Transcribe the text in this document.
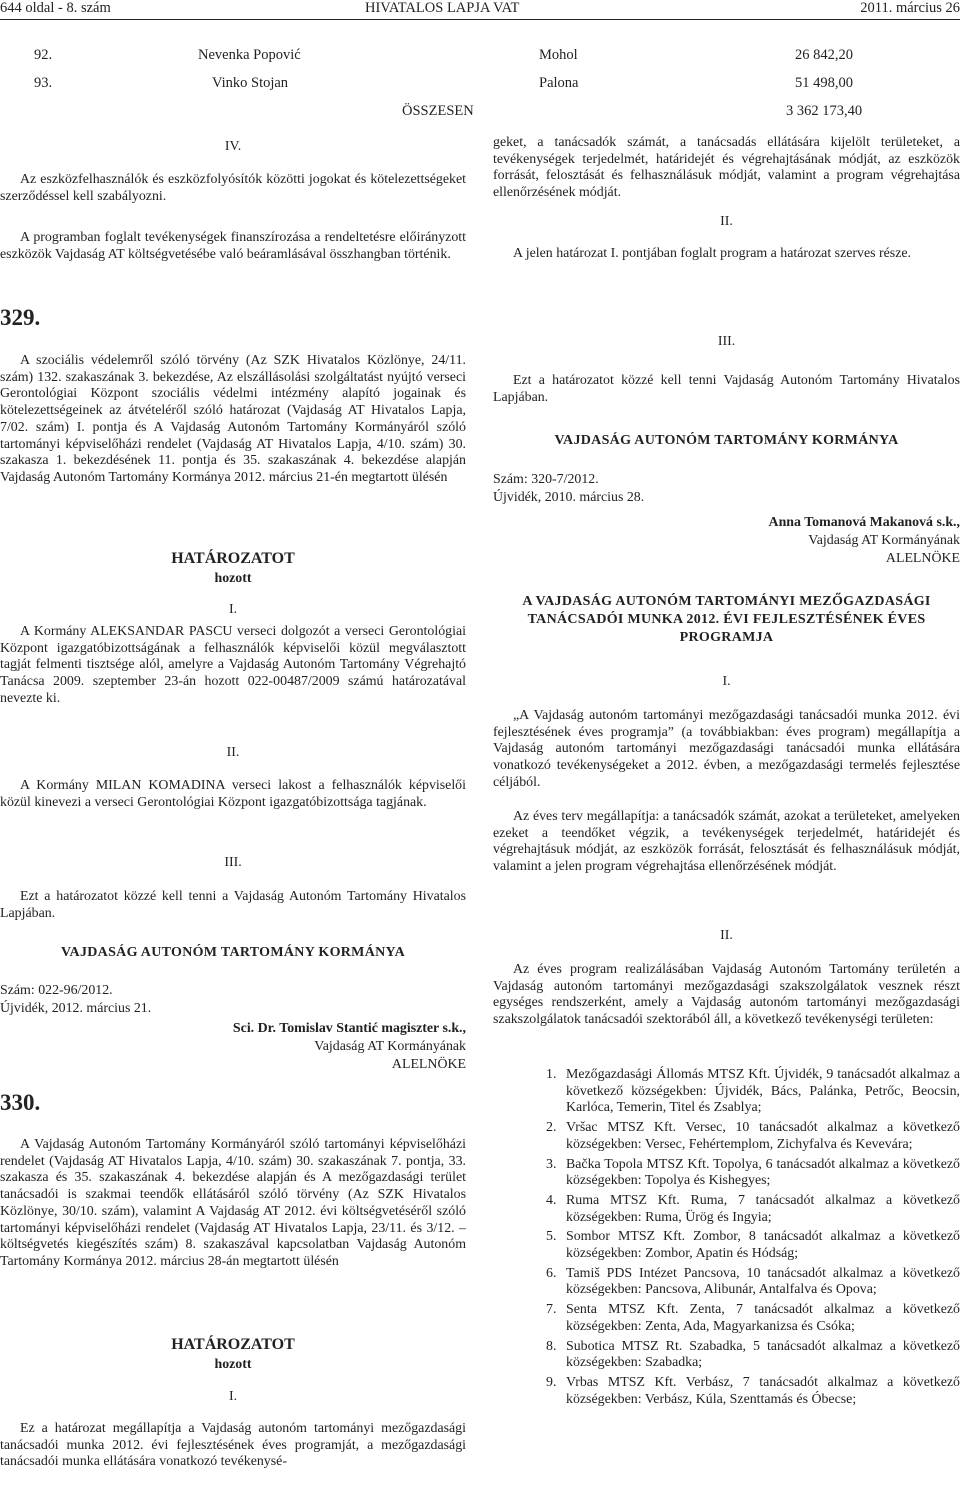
644 oldal - 8. szám	HIVATALOS LAPJA VAT	2011. március 26
92.	Nevenka Popović	Mohol	26 842,20
93.	Vinko Stojan	Palona	51 498,00
ÖSSZESEN	3 362 173,40
IV.

Az eszközfelhasználók és eszközfolyósítók közötti jogokat és kötelezettségeket szerződéssel kell szabályozni.

A programban foglalt tevékenységek finanszírozása a rendeltetésre előirányzott eszközök Vajdaság AT költségvetésébe való beáramlásával összhangban történik.

329.

A szociális védelemről szóló törvény (Az SZK Hivatalos Közlönye, 24/11. szám) 132. szakaszának 3. bekezdése, Az elszállásolási szolgáltatást nyújtó verseci Gerontológiai Központ szociális védelmi intézmény alapító jogainak és kötelezettségeinek az átvételéről szóló határozat (Vajdaság AT Hivatalos Lapja, 7/02. szám) I. pontja és A Vajdaság Autonóm Tartomány Kormányáról szóló tartományi képviselőházi rendelet (Vajdaság AT Hivatalos Lapja, 4/10. szám) 30. szakasza 1. bekezdésének 11. pontja és 35. szakaszának 4. bekezdése alapján Vajdaság Autonóm Tartomány Kormánya 2012. március 21-én megtartott ülésén

HATÁROZATOT
hozott
I.

A Kormány ALEKSANDAR PASCU verseci dolgozót a verseci Gerontológiai Központ igazgatóbizottságának a felhasználók képviselői közül megválasztott tagját felmenti tisztsége alól, amelyre a Vajdaság Autonóm Tartomány Végrehajtó Tanácsa 2009. szeptember 23-án hozott 022-00487/2009 számú határozatával nevezte ki.

II.

A Kormány MILAN KOMADINA verseci lakost a felhasználók képviselői közül kinevezi a verseci Gerontológiai Központ igazgatóbizottsága tagjának.

III.

Ezt a határozatot közzé kell tenni a Vajdaság Autonóm Tartomány Hivatalos Lapjában.

VAJDASÁG AUTONÓM TARTOMÁNY KORMÁNYA
Szám: 022-96/2012.
Újvidék, 2012. március 21.
Sci. Dr. Tomislav Stantić magiszter s.k.,
Vajdaság AT Kormányának
ALELNÖKE
330.

A Vajdaság Autonóm Tartomány Kormányáról szóló tartományi képviselőházi rendelet (Vajdaság AT Hivatalos Lapja, 4/10. szám) 30. szakaszának 7. pontja, 33. szakasza és 35. szakaszának 4. bekezdése alapján és A mezőgazdasági terület tanácsadói is szakmai teendők ellátásáról szóló törvény (Az SZK Hivatalos Közlönye, 30/10. szám), valamint A Vajdaság AT 2012. évi költségvetéséről szóló tartományi képviselőházi rendelet (Vajdaság AT Hivatalos Lapja, 23/11. és 3/12. – költségvetés kiegészítés szám) 8. szakaszával kapcsolatban Vajdaság Autonóm Tartomány Kormánya 2012. március 28-án megtartott ülésén

HATÁROZATOT
hozott
I.

Ez a határozat megállapítja a Vajdaság autonóm tartományi mezőgazdasági tanácsadói munka 2012. évi fejlesztésének éves programját, a mezőgazdasági tanácsadói munka ellátására vonatkozó tevékenysé-

geket, a tanácsadók számát, a tanácsadás ellátására kijelölt területeket, a tevékenységek terjedelmét, határidejét és végrehajtásának módját, az eszközök forrását, felosztását és felhasználásuk módját, valamint a program végrehajtása ellenőrzésének módját.

II.

A jelen határozat I. pontjában foglalt program a határozat szerves része.

III.

Ezt a határozatot közzé kell tenni Vajdaság Autonóm Tartomány Hivatalos Lapjában.

VAJDASÁG AUTONÓM TARTOMÁNY KORMÁNYA
Szám: 320-7/2012.
Újvidék, 2010. március 28.
Anna Tomanová Makanová s.k.,
Vajdaság AT Kormányának
ALELNÖKE
A VAJDASÁG AUTONÓM TARTOMÁNYI MEZŐGAZDASÁGI TANÁCSADÓI MUNKA 2012. ÉVI FEJLESZTÉSÉNEK ÉVES PROGRAMJA
I.

„A Vajdaság autonóm tartományi mezőgazdasági tanácsadói munka 2012. évi fejlesztésének éves programja” (a továbbiakban: éves program) megállapítja a Vajdaság autonóm tartományi mezőgazdasági tanácsadói munka ellátására vonatkozó tevékenységeket a 2012. évben, a mezőgazdasági termelés fejlesztése céljából.

Az éves terv megállapítja: a tanácsadók számát, azokat a területeket, amelyeken ezeket a teendőket végzik, a tevékenységek terjedelmét, határidejét és végrehajtásuk módját, az eszközök forrását, felosztását és felhasználásuk módját, valamint a jelen program végrehajtása ellenőrzésének módját.

II.

Az éves program realizálásában Vajdaság Autonóm Tartomány területén a Vajdaság autonóm tartományi mezőgazdasági szakszolgálatok vesznek részt egységes rendszerként, amely a Vajdaság autonóm tartományi mezőgazdasági szakszolgálatok tanácsadói szektorából áll, a következő tevékenységi területen:

1. Mezőgazdasági Állomás MTSZ Kft. Újvidék, 9 tanácsadót alkalmaz a következő községekben: Újvidék, Bács, Palánka, Petrőc, Beocsin, Karlóca, Temerin, Titel és Zsablya;
2. Vršac MTSZ Kft. Versec, 10 tanácsadót alkalmaz a következő községekben: Versec, Fehértemplom, Zichyfalva és Kevevára;
3. Bačka Topola MTSZ Kft. Topolya, 6 tanácsadót alkalmaz a következő községekben: Topolya és Kishegyes;
4. Ruma MTSZ Kft. Ruma, 7 tanácsadót alkalmaz a következő községekben: Ruma, Ürög és Ingyia;
5. Sombor MTSZ Kft. Zombor, 8 tanácsadót alkalmaz a következő községekben: Zombor, Apatin és Hódság;
6. Tamiš PDS Intézet Pancsova, 10 tanácsadót alkalmaz a következő községekben: Pancsova, Alibunár, Antalfalva és Opova;
7. Senta MTSZ Kft. Zenta, 7 tanácsadót alkalmaz a következő községekben: Zenta, Ada, Magyarkanizsa és Csóka;
8. Subotica MTSZ Rt. Szabadka, 5 tanácsadót alkalmaz a következő községekben: Szabadka;
9. Vrbas MTSZ Kft. Verbász, 7 tanácsadót alkalmaz a következő községekben: Verbász, Kúla, Szenttamás és Óbecse;
